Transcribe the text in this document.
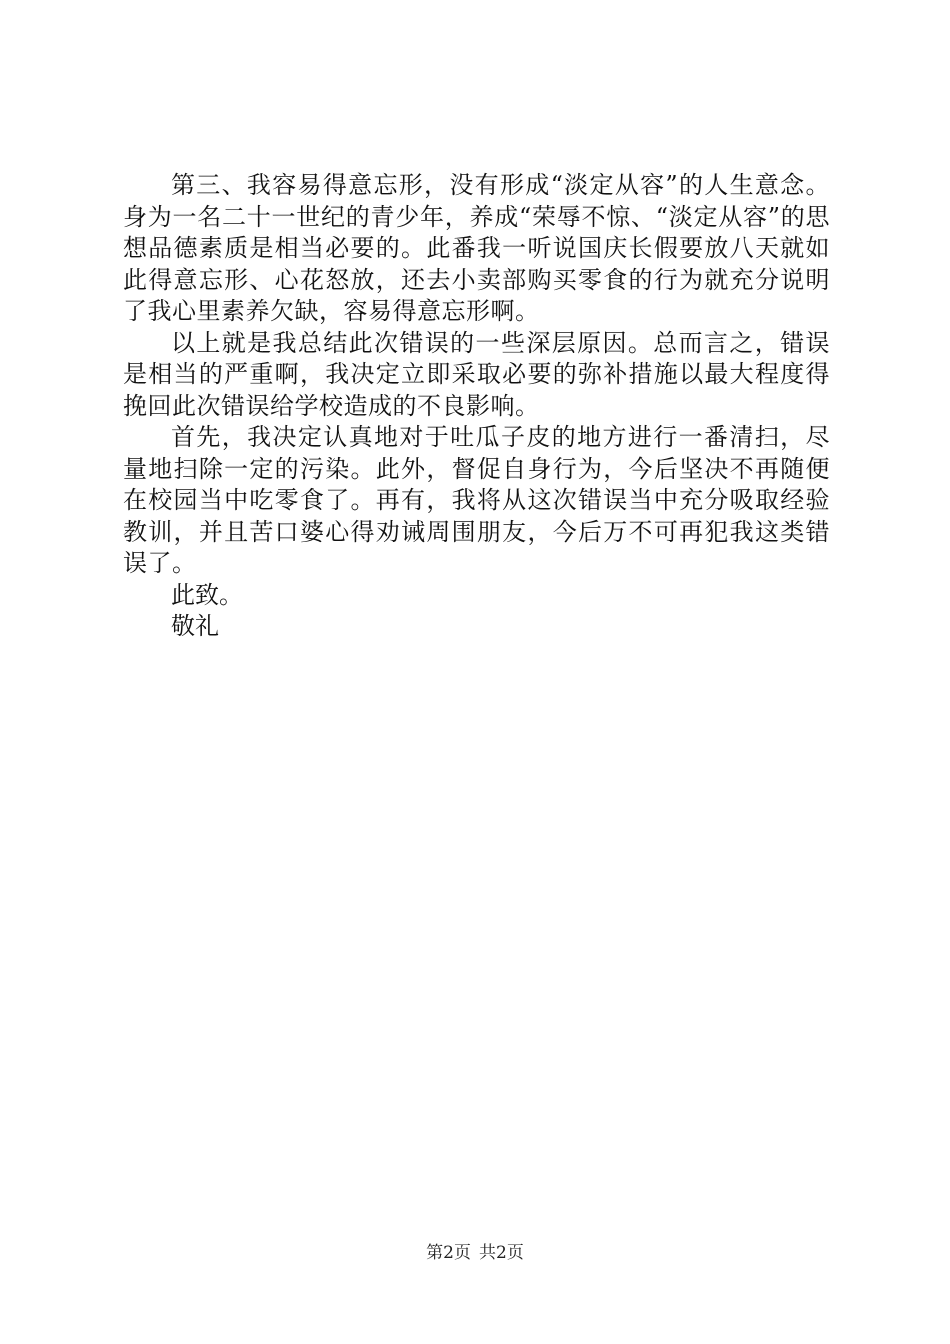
第三、我容易得意忘形，没有形成“淡定从容”的人生意念。身为一名二十一世纪的青少年，养成“荣辱不惊、“淡定从容”的思想品德素质是相当必要的。此番我一听说国庆长假要放八天就如此得意忘形、心花怒放，还去小卖部购买零食的行为就充分说明了我心里素养欠缺，容易得意忘形啊。

以上就是我总结此次错误的一些深层原因。总而言之，错误是相当的严重啊，我决定立即采取必要的弥补措施以最大程度得挽回此次错误给学校造成的不良影响。

首先，我决定认真地对于吐瓜子皮的地方进行一番清扫，尽量地扫除一定的污染。此外，督促自身行为，今后坚决不再随便在校园当中吃零食了。再有，我将从这次错误当中充分吸取经验教训，并且苦口婆心得劝诫周围朋友，今后万不可再犯我这类错误了。

此致。

敬礼

第2页 共2页
